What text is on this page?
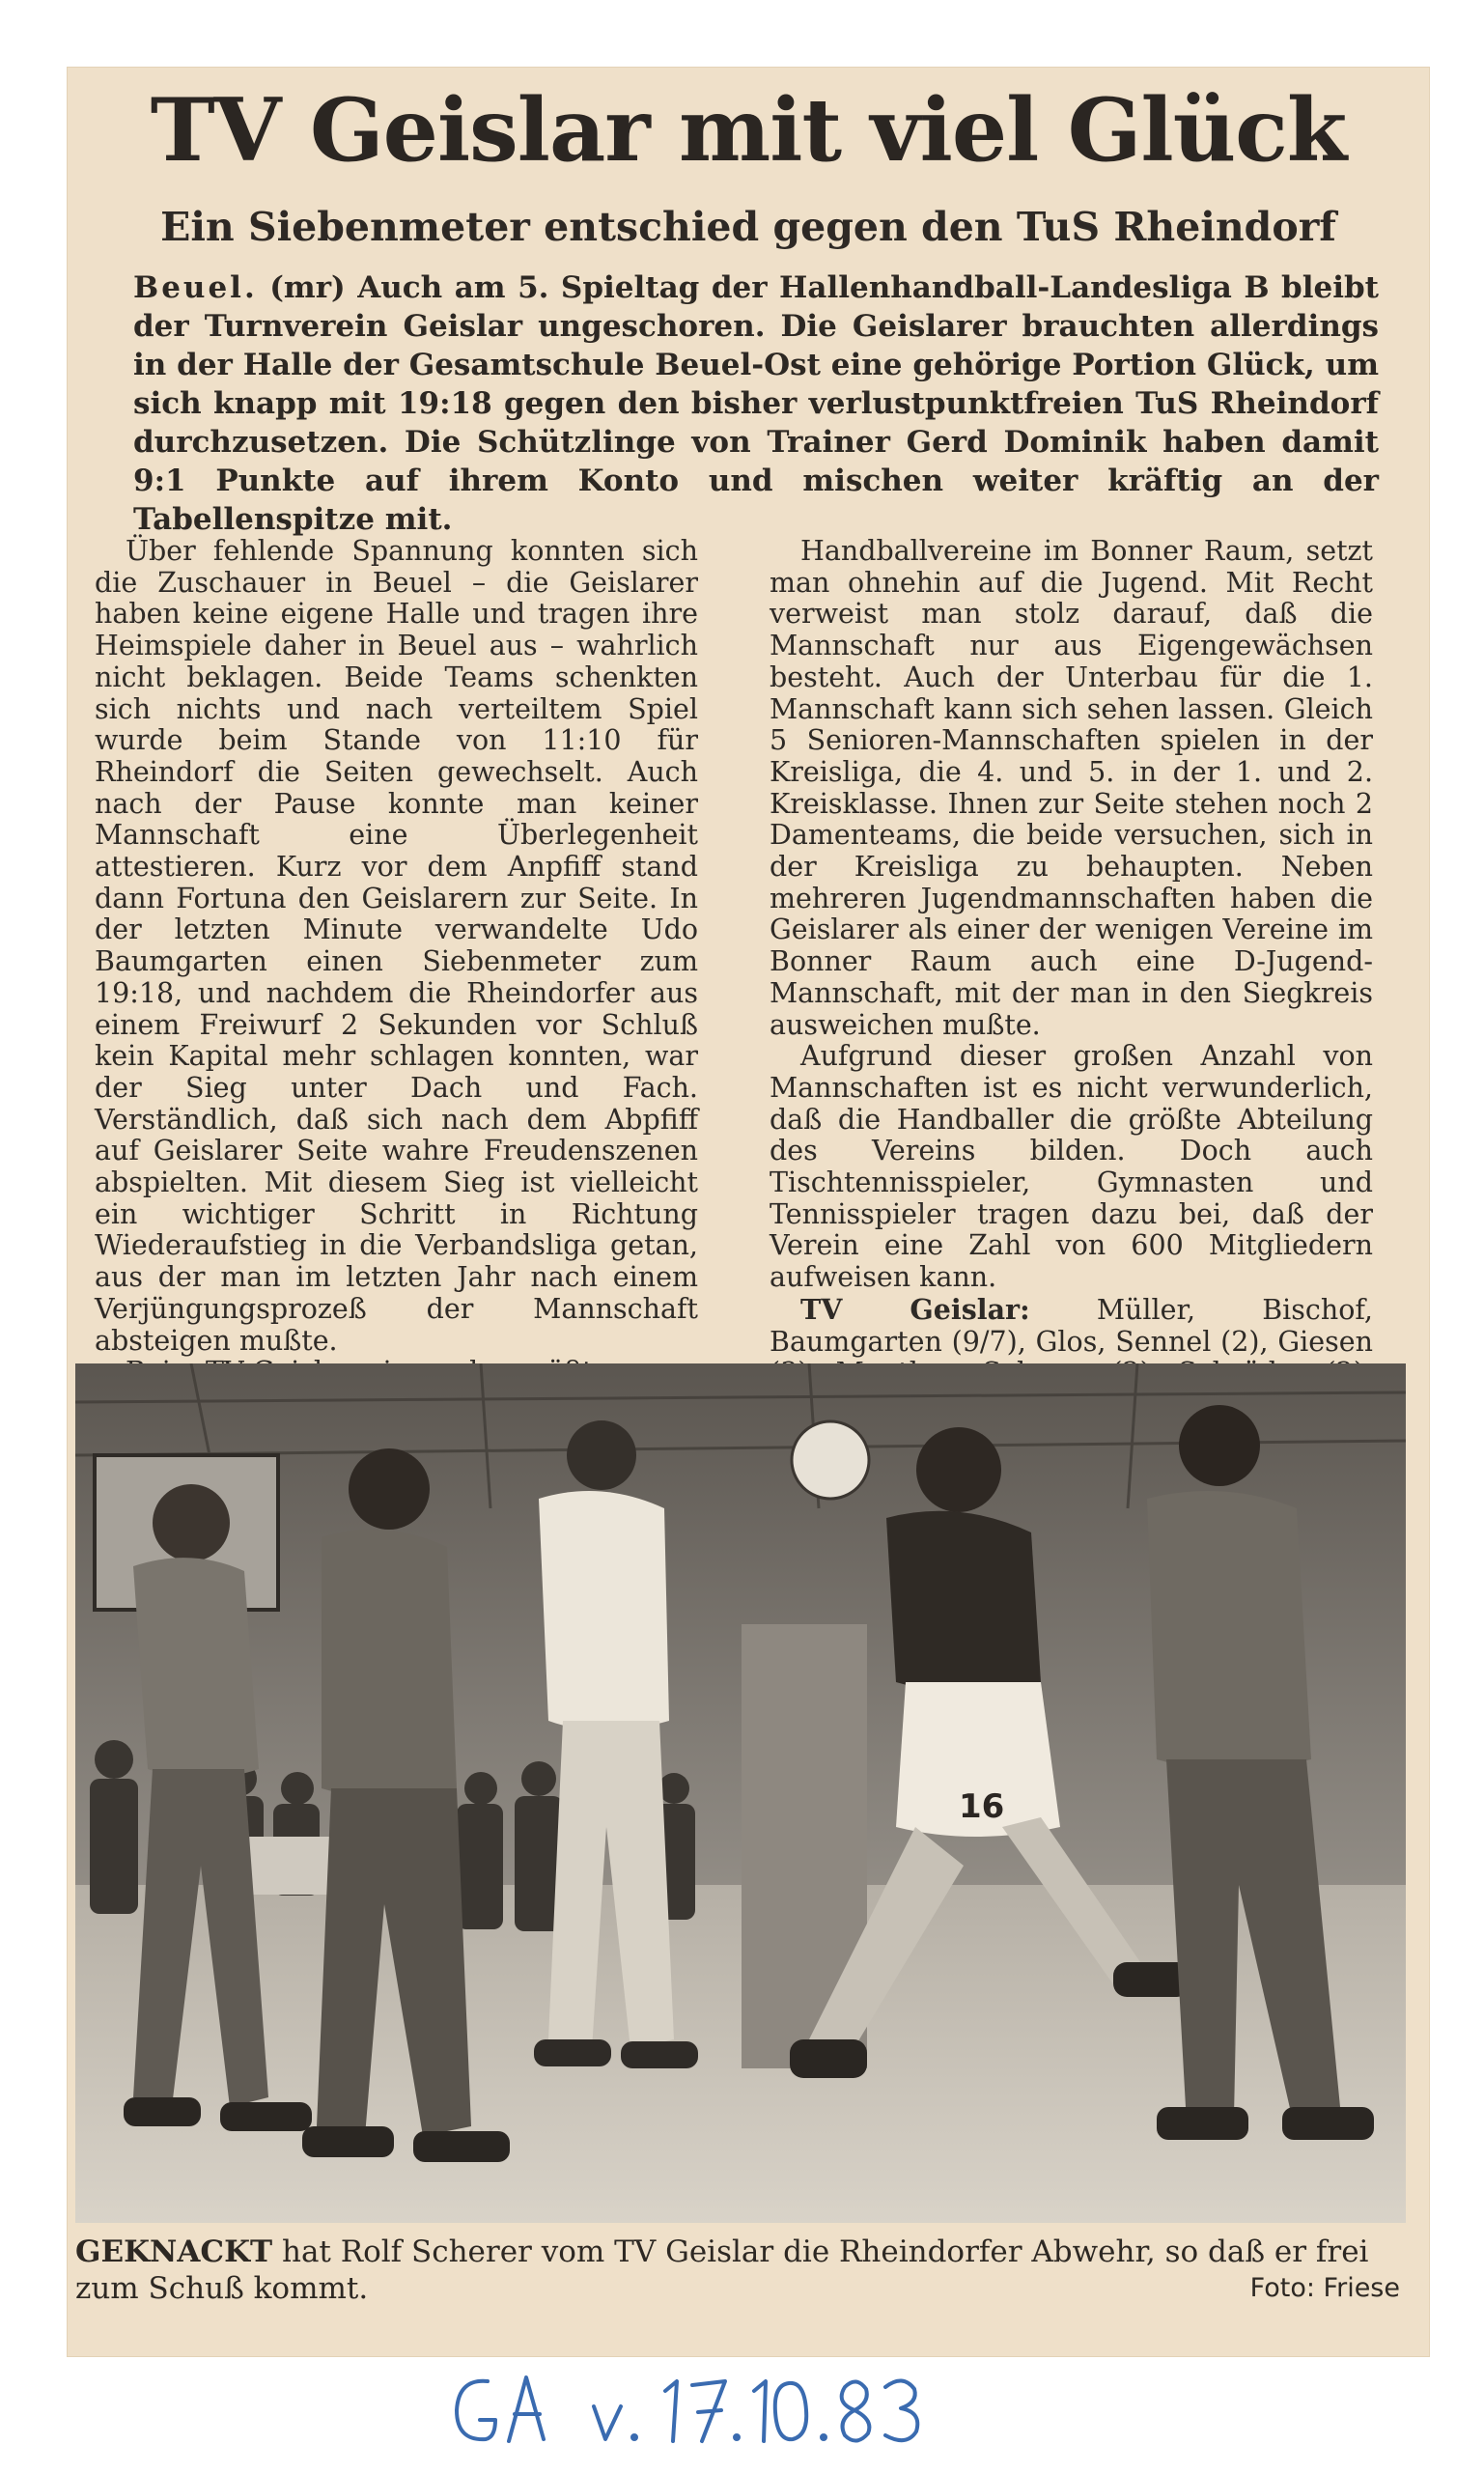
TV Geislar mit viel Glück
Ein Siebenmeter entschied gegen den TuS Rheindorf
Beuel. (mr) Auch am 5. Spieltag der Hallenhandball-Landesliga B bleibt der Turnverein Geislar ungeschoren. Die Geislarer brauchten allerdings in der Halle der Gesamtschule Beuel-Ost eine gehörige Portion Glück, um sich knapp mit 19:18 gegen den bisher verlustpunktfreien TuS Rheindorf durchzusetzen. Die Schützlinge von Trainer Gerd Dominik haben damit 9:1 Punkte auf ihrem Konto und mischen weiter kräftig an der Tabellenspitze mit.

Über fehlende Spannung konnten sich die Zuschauer in Beuel – die Geislarer haben keine eigene Halle und tragen ihre Heimspiele daher in Beuel aus – wahrlich nicht beklagen. Beide Teams schenkten sich nichts und nach verteiltem Spiel wurde beim Stande von 11:10 für Rheindorf die Seiten gewechselt. Auch nach der Pause konnte man keiner Mannschaft eine Überlegenheit attestieren. Kurz vor dem Anpfiff stand dann Fortuna den Geislarern zur Seite. In der letzten Minute verwandelte Udo Baumgarten einen Siebenmeter zum 19:18, und nachdem die Rheindorfer aus einem Freiwurf 2 Sekunden vor Schluß kein Kapital mehr schlagen konnten, war der Sieg unter Dach und Fach. Verständlich, daß sich nach dem Abpfiff auf Geislarer Seite wahre Freudenszenen abspielten. Mit diesem Sieg ist vielleicht ein wichtiger Schritt in Richtung Wiederaufstieg in die Verbandsliga getan, aus der man im letzten Jahr nach einem Verjüngungsprozeß der Mannschaft absteigen mußte.

Handballvereine im Bonner Raum, setzt man ohnehin auf die Jugend. Mit Recht verweist man stolz darauf, daß die Mannschaft nur aus Eigengewächsen besteht. Auch der Unterbau für die 1. Mannschaft kann sich sehen lassen. Gleich 5 Senioren-Mannschaften spielen in der Kreisliga, die 4. und 5. in der 1. und 2. Kreisklasse. Ihnen zur Seite stehen noch 2 Damenteams, die beide versuchen, sich in der Kreisliga zu behaupten. Neben mehreren Jugendmannschaften haben die Geislarer als einer der wenigen Vereine im Bonner Raum auch eine D-Jugend-Mannschaft, mit der man in den Siegkreis ausweichen mußte.

Aufgrund dieser großen Anzahl von Mannschaften ist es nicht verwunderlich, daß die Handballer die größte Abteilung des Vereins bilden. Doch auch Tischtennisspieler, Gymnasten und Tennisspieler tragen dazu bei, daß der Verein eine Zahl von 600 Mitgliedern aufweisen kann.

TV Geislar: Müller, Bischof, Baumgarten (9/7), Glos, Sennel (2), Giesen

16
GEKNACKT hat Rolf Scherer vom TV Geislar die Rheindorfer Abwehr, so daß er frei zum Schuß kommt.	Foto: Friese
